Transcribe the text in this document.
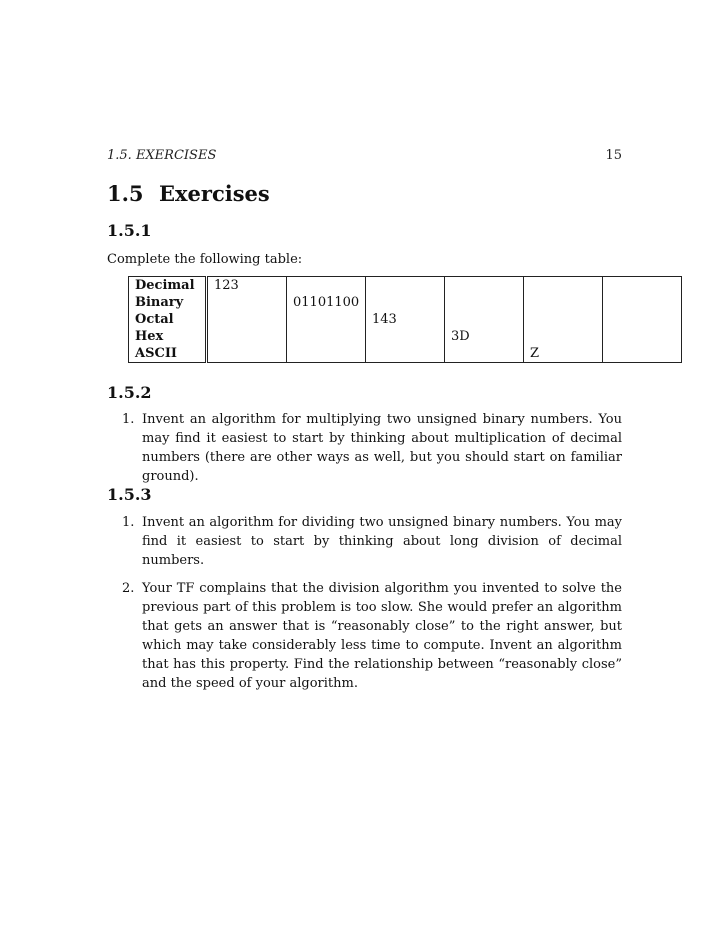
1.5. EXERCISES	15
1.5 Exercises
1.5.1
Complete the following table:
Decimal	123					
Binary		01101100				
Octal			143			
Hex				3D		
ASCII					Z	
1.5.2
1. Invent an algorithm for multiplying two unsigned binary numbers. You may find it easiest to start by thinking about multiplication of decimal numbers (there are other ways as well, but you should start on familiar ground).
1.5.3
1. Invent an algorithm for dividing two unsigned binary numbers. You may find it easiest to start by thinking about long division of decimal numbers.
2. Your TF complains that the division algorithm you invented to solve the previous part of this problem is too slow. She would prefer an algorithm that gets an answer that is “reasonably close” to the right answer, but which may take considerably less time to compute. Invent an algorithm that has this property. Find the relationship between “reasonably close” and the speed of your algorithm.
